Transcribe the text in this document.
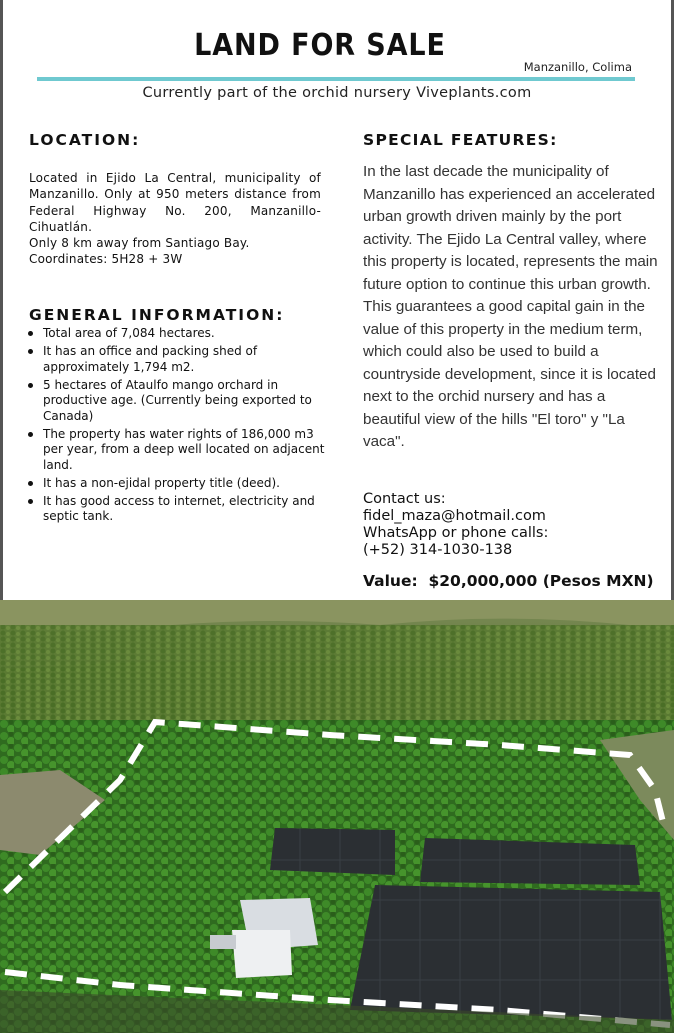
LAND FOR SALE
Manzanillo, Colima
Currently part of the orchid nursery Viveplants.com
LOCATION:
Located in Ejido La Central, municipality of Manzanillo. Only at 950 meters distance from Federal Highway No. 200, Manzanillo-Cihuatlán.
Only 8 km away from Santiago Bay.
Coordinates: 5H28 + 3W
GENERAL INFORMATION:
Total area of 7,084 hectares.
It has an office and packing shed of approximately 1,794 m2.
5 hectares of Ataulfo mango orchard in productive age. (Currently being exported to Canada)
The property has water rights of 186,000 m3 per year, from a deep well located on adjacent land.
It has a non-ejidal property title (deed).
It has good access to internet, electricity and septic tank.
SPECIAL FEATURES:
In the last decade the municipality of Manzanillo has experienced an accelerated urban growth driven mainly by the port activity. The Ejido La Central valley, where this property is located, represents the main future option to continue this urban growth. This guarantees a good capital gain in the value of this property in the medium term, which could also be used to build a countryside development, since it is located next to the orchid nursery and has a beautiful view of the hills "El toro" y "La vaca".
Contact us:
fidel_maza@hotmail.com
WhatsApp or phone calls:
(+52) 314-1030-138
Value: $20,000,000 (Pesos MXN)
